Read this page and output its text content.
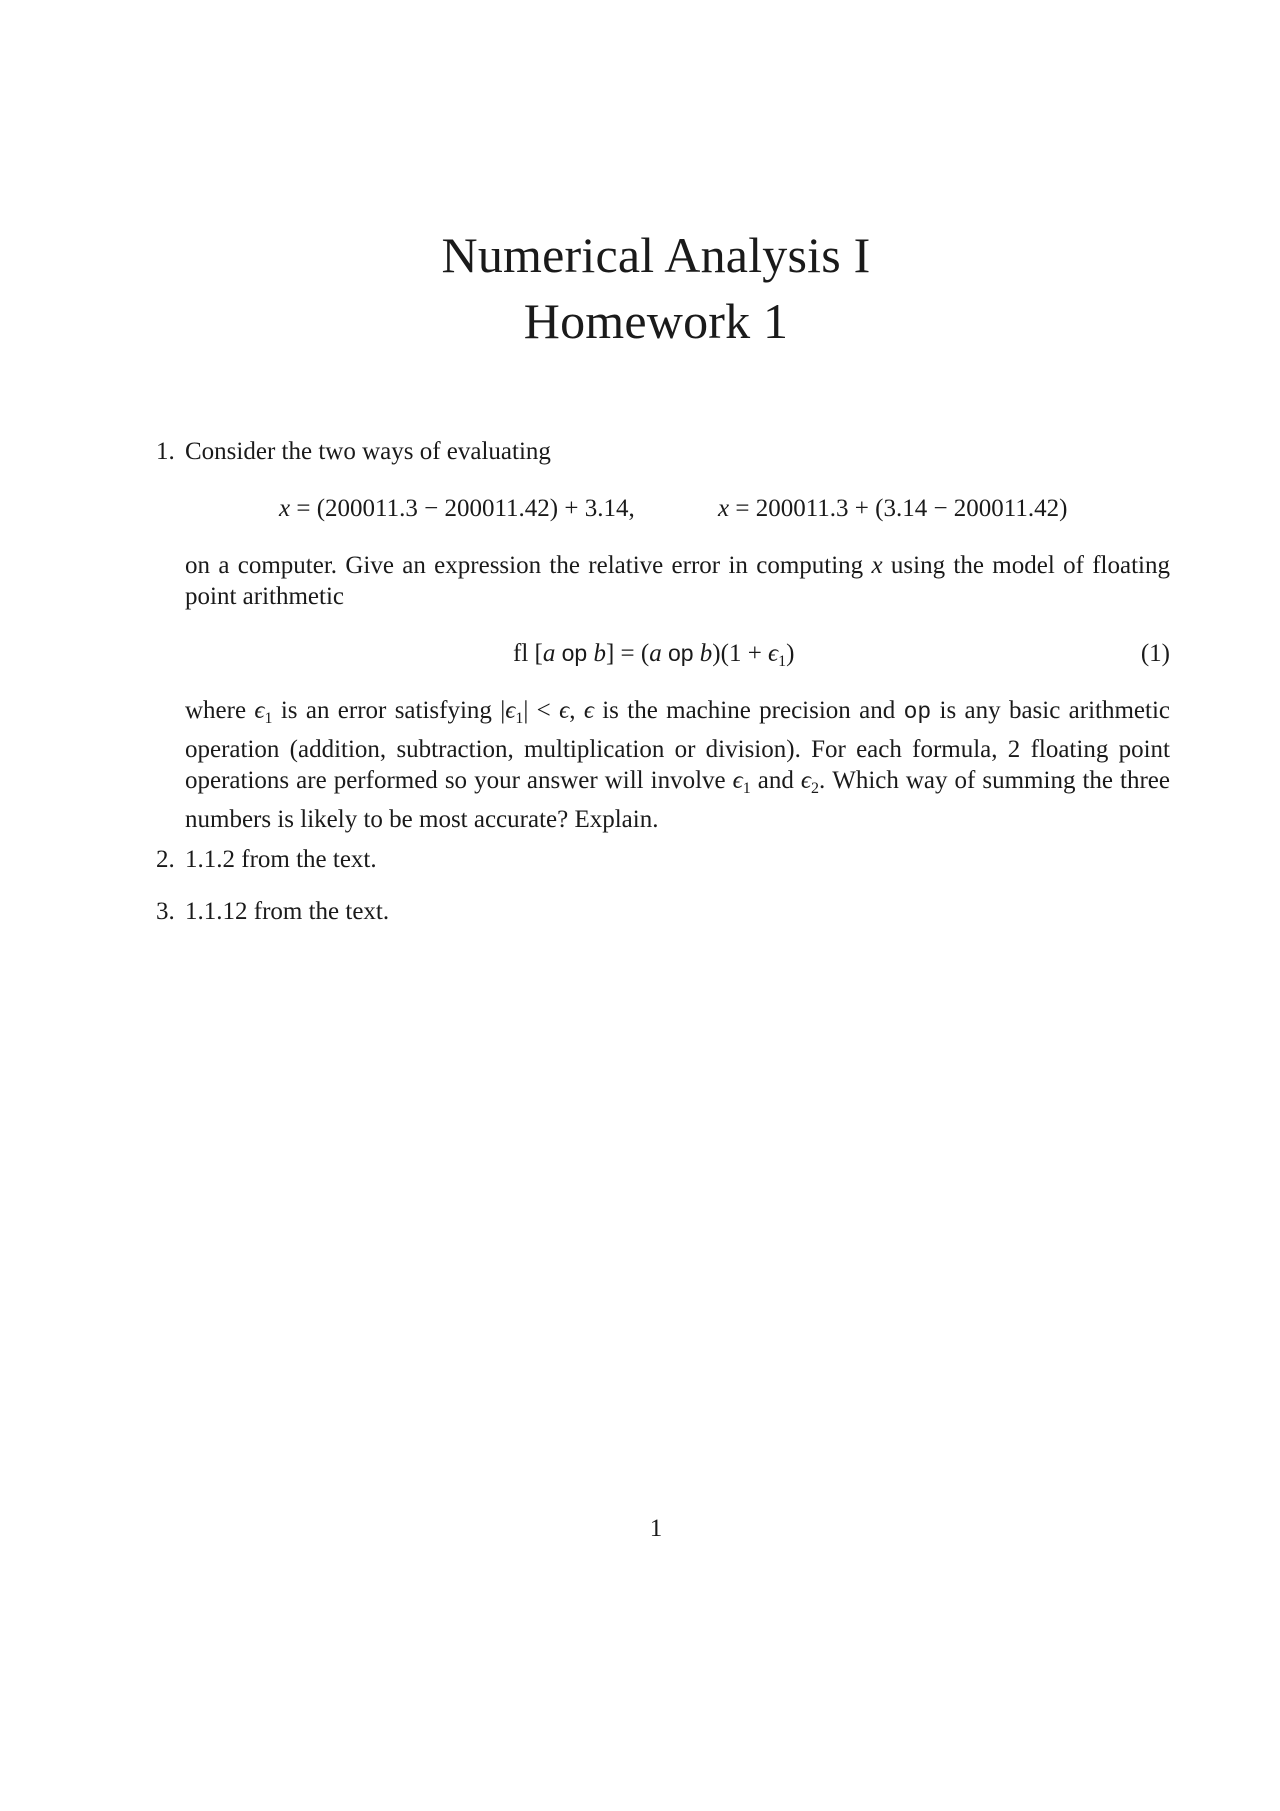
Numerical Analysis I
Homework 1
1. Consider the two ways of evaluating
x = (200011.3 − 200011.42) + 3.14,	x = 200011.3 + (3.14 − 200011.42)
on a computer. Give an expression the relative error in computing x using the model of floating point arithmetic
fl [a op b] = (a op $b)(1 + \epsilon_1)$	(1)
where $\epsilon_1$ is an error satisfying $|\epsilon_1| < \epsilon$, ϵ is the machine precision and op is any basic arithmetic operation (addition, subtraction, multiplication or division). For each formula, 2 floating point operations are performed so your answer will involve $\epsilon_1$ and $\epsilon_2$. Which way of summing the three numbers is likely to be most accurate? Explain.
2. 1.1.2 from the text.
3. 1.1.12 from the text.
1
